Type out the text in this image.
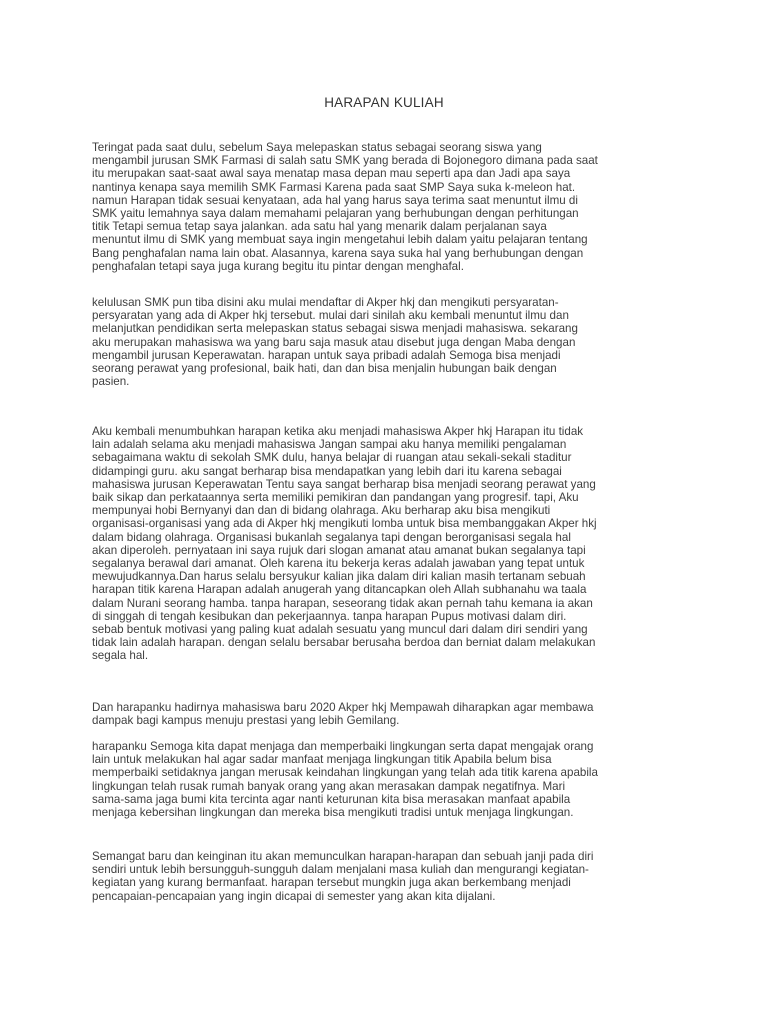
HARAPAN KULIAH

Teringat pada saat dulu, sebelum Saya melepaskan status sebagai seorang siswa yang
mengambil jurusan SMK Farmasi di salah satu SMK yang berada di Bojonegoro dimana pada saat
itu merupakan saat-saat awal saya menatap masa depan mau seperti apa dan Jadi apa saya
nantinya kenapa saya memilih SMK Farmasi Karena pada saat SMP Saya suka k-meleon hat.
namun Harapan tidak sesuai kenyataan, ada hal yang harus saya terima saat menuntut ilmu di
SMK yaitu lemahnya saya dalam memahami pelajaran yang berhubungan dengan perhitungan
titik Tetapi semua tetap saya jalankan. ada satu hal yang menarik dalam perjalanan saya
menuntut ilmu di SMK yang membuat saya ingin mengetahui lebih dalam yaitu pelajaran tentang
Bang penghafalan nama lain obat. Alasannya, karena saya suka hal yang berhubungan dengan
penghafalan tetapi saya juga kurang begitu itu pintar dengan menghafal.

kelulusan SMK pun tiba disini aku mulai mendaftar di Akper hkj dan mengikuti persyaratan-
persyaratan yang ada di Akper hkj tersebut. mulai dari sinilah aku kembali menuntut ilmu dan
melanjutkan pendidikan serta melepaskan status sebagai siswa menjadi mahasiswa. sekarang
aku merupakan mahasiswa wa yang baru saja masuk atau disebut juga dengan Maba dengan
mengambil jurusan Keperawatan. harapan untuk saya pribadi adalah Semoga bisa menjadi
seorang perawat yang profesional, baik hati, dan dan bisa menjalin hubungan baik dengan
pasien.

Aku kembali menumbuhkan harapan ketika aku menjadi mahasiswa Akper hkj Harapan itu tidak
lain adalah selama aku menjadi mahasiswa Jangan sampai aku hanya memiliki pengalaman
sebagaimana waktu di sekolah SMK dulu, hanya belajar di ruangan atau sekali-sekali staditur
didampingi guru. aku sangat berharap bisa mendapatkan yang lebih dari itu karena sebagai
mahasiswa jurusan Keperawatan Tentu saya sangat berharap bisa menjadi seorang perawat yang
baik sikap dan perkataannya serta memiliki pemikiran dan pandangan yang progresif. tapi, Aku
mempunyai hobi Bernyanyi dan dan di bidang olahraga. Aku berharap aku bisa mengikuti
organisasi-organisasi yang ada di Akper hkj mengikuti lomba untuk bisa membanggakan Akper hkj
dalam bidang olahraga. Organisasi bukanlah segalanya tapi dengan berorganisasi segala hal
akan diperoleh. pernyataan ini saya rujuk dari slogan amanat atau amanat bukan segalanya tapi
segalanya berawal dari amanat. Oleh karena itu bekerja keras adalah jawaban yang tepat untuk
mewujudkannya.Dan harus selalu bersyukur kalian jika dalam diri kalian masih tertanam sebuah
harapan titik karena Harapan adalah anugerah yang ditancapkan oleh Allah subhanahu wa taala
dalam Nurani seorang hamba. tanpa harapan, seseorang tidak akan pernah tahu kemana ia akan
di singgah di tengah kesibukan dan pekerjaannya. tanpa harapan Pupus motivasi dalam diri.
sebab bentuk motivasi yang paling kuat adalah sesuatu yang muncul dari dalam diri sendiri yang
tidak lain adalah harapan. dengan selalu bersabar berusaha berdoa dan berniat dalam melakukan
segala hal.

Dan harapanku hadirnya mahasiswa baru 2020 Akper hkj Mempawah diharapkan agar membawa
dampak bagi kampus menuju prestasi yang lebih Gemilang.

harapanku Semoga kita dapat menjaga dan memperbaiki lingkungan serta dapat mengajak orang
lain untuk melakukan hal agar sadar manfaat menjaga lingkungan titik Apabila belum bisa
memperbaiki setidaknya jangan merusak keindahan lingkungan yang telah ada titik karena apabila
lingkungan telah rusak rumah banyak orang yang akan merasakan dampak negatifnya. Mari
sama-sama jaga bumi kita tercinta agar nanti keturunan kita bisa merasakan manfaat apabila
menjaga kebersihan lingkungan dan mereka bisa mengikuti tradisi untuk menjaga lingkungan.

Semangat baru dan keinginan itu akan memunculkan harapan-harapan dan sebuah janji pada diri
sendiri untuk lebih bersungguh-sungguh dalam menjalani masa kuliah dan mengurangi kegiatan-
kegiatan yang kurang bermanfaat. harapan tersebut mungkin juga akan berkembang menjadi
pencapaian-pencapaian yang ingin dicapai di semester yang akan kita dijalani.
